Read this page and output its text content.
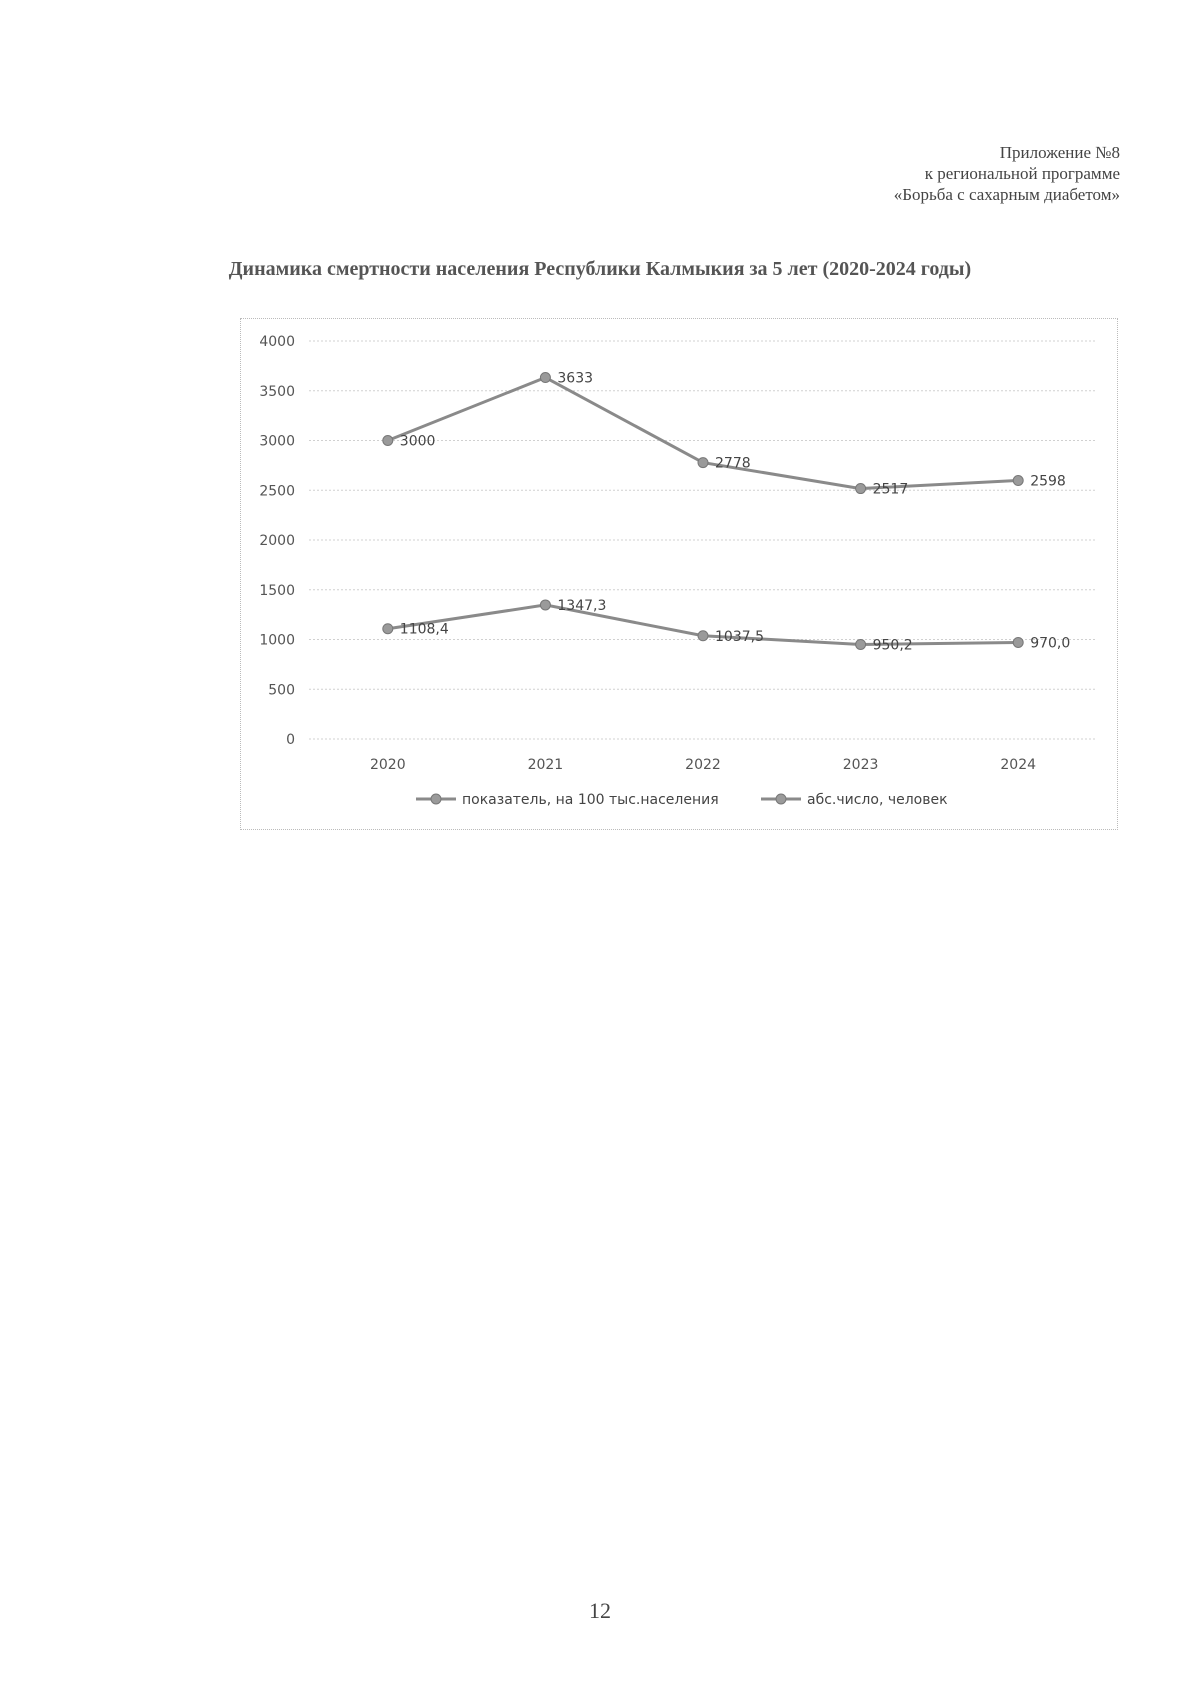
Приложение №8
к региональной программе
«Борьба с сахарным диабетом»
Динамика смертности населения Республики Калмыкия за 5 лет (2020-2024 годы)
0
500
1000
1500
2000
2500
3000
3500
4000
2020	2021	2022	2023	2024
1108,4
1347,3
1037,5
950,2	970,0
3000
3633
2778
2517
2598
показатель, на 100 тыс.населения	абс.число, человек
12
